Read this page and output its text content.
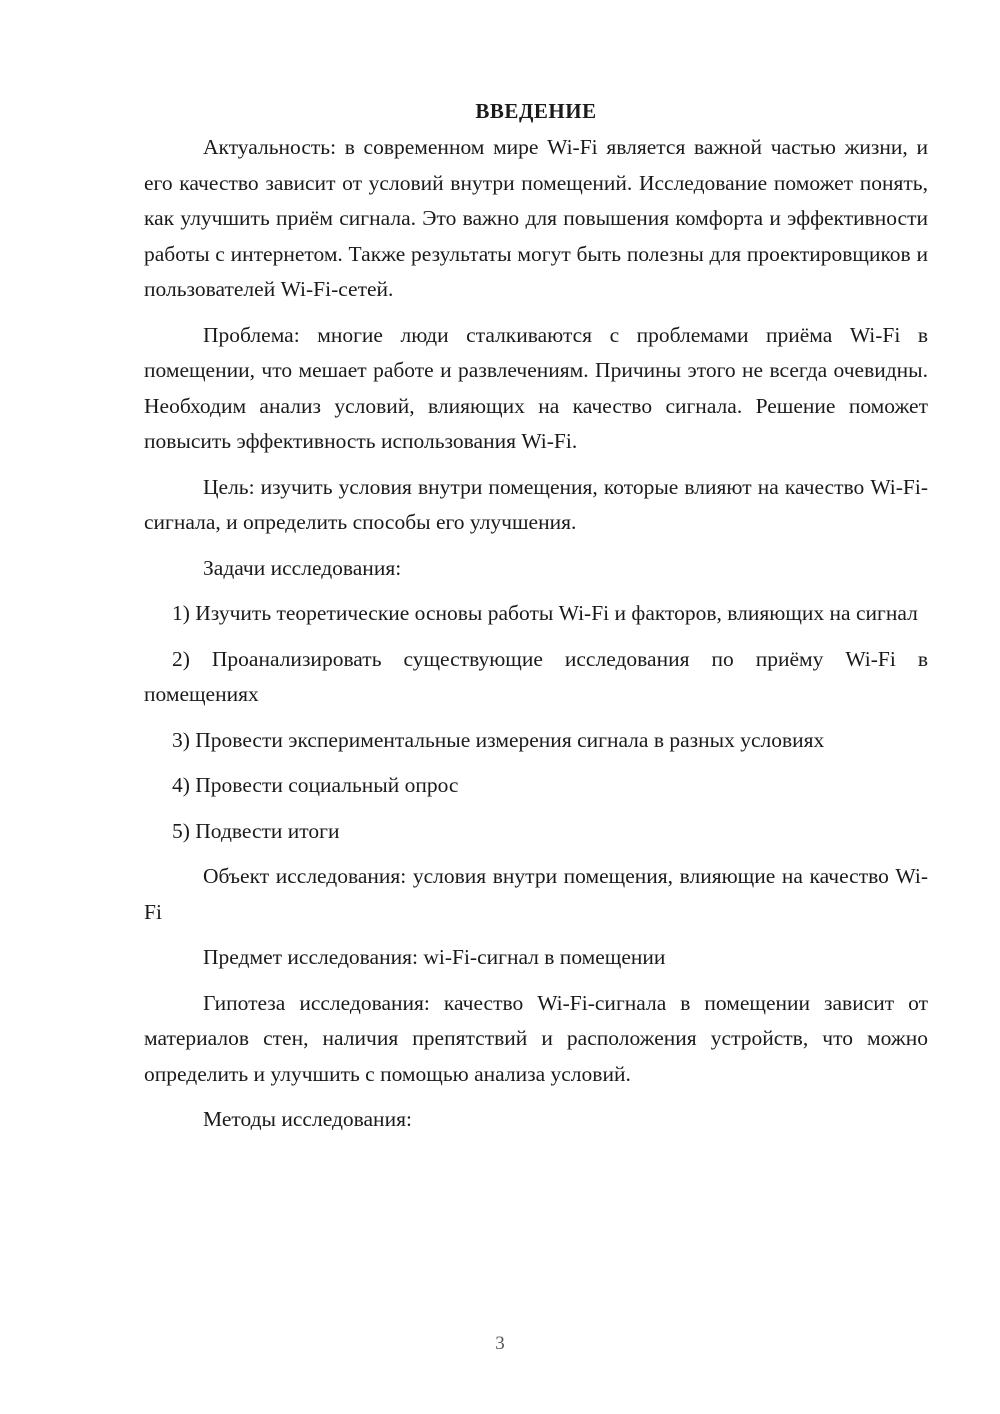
ВВЕДЕНИЕ

Актуальность: в современном мире Wi-Fi является важной частью жизни, и его качество зависит от условий внутри помещений. Исследование поможет понять, как улучшить приём сигнала. Это важно для повышения комфорта и эффективности работы с интернетом. Также результаты могут быть полезны для проектировщиков и пользователей Wi-Fi-сетей.

Проблема: многие люди сталкиваются с проблемами приёма Wi-Fi в помещении, что мешает работе и развлечениям. Причины этого не всегда очевидны. Необходим анализ условий, влияющих на качество сигнала. Решение поможет повысить эффективность использования Wi-Fi.

Цель: изучить условия внутри помещения, которые влияют на качество Wi-Fi-сигнала, и определить способы его улучшения.

Задачи исследования:

1) Изучить теоретические основы работы Wi-Fi и факторов, влияющих на сигнал

2) Проанализировать существующие исследования по приёму Wi-Fi в помещениях

3) Провести экспериментальные измерения сигнала в разных условиях

4) Провести социальный опрос

5) Подвести итоги

Объект исследования: условия внутри помещения, влияющие на качество Wi-Fi

Предмет исследования: wi-Fi-сигнал в помещении

Гипотеза исследования: качество Wi-Fi-сигнала в помещении зависит от материалов стен, наличия препятствий и расположения устройств, что можно определить и улучшить с помощью анализа условий.

Методы исследования:

3
